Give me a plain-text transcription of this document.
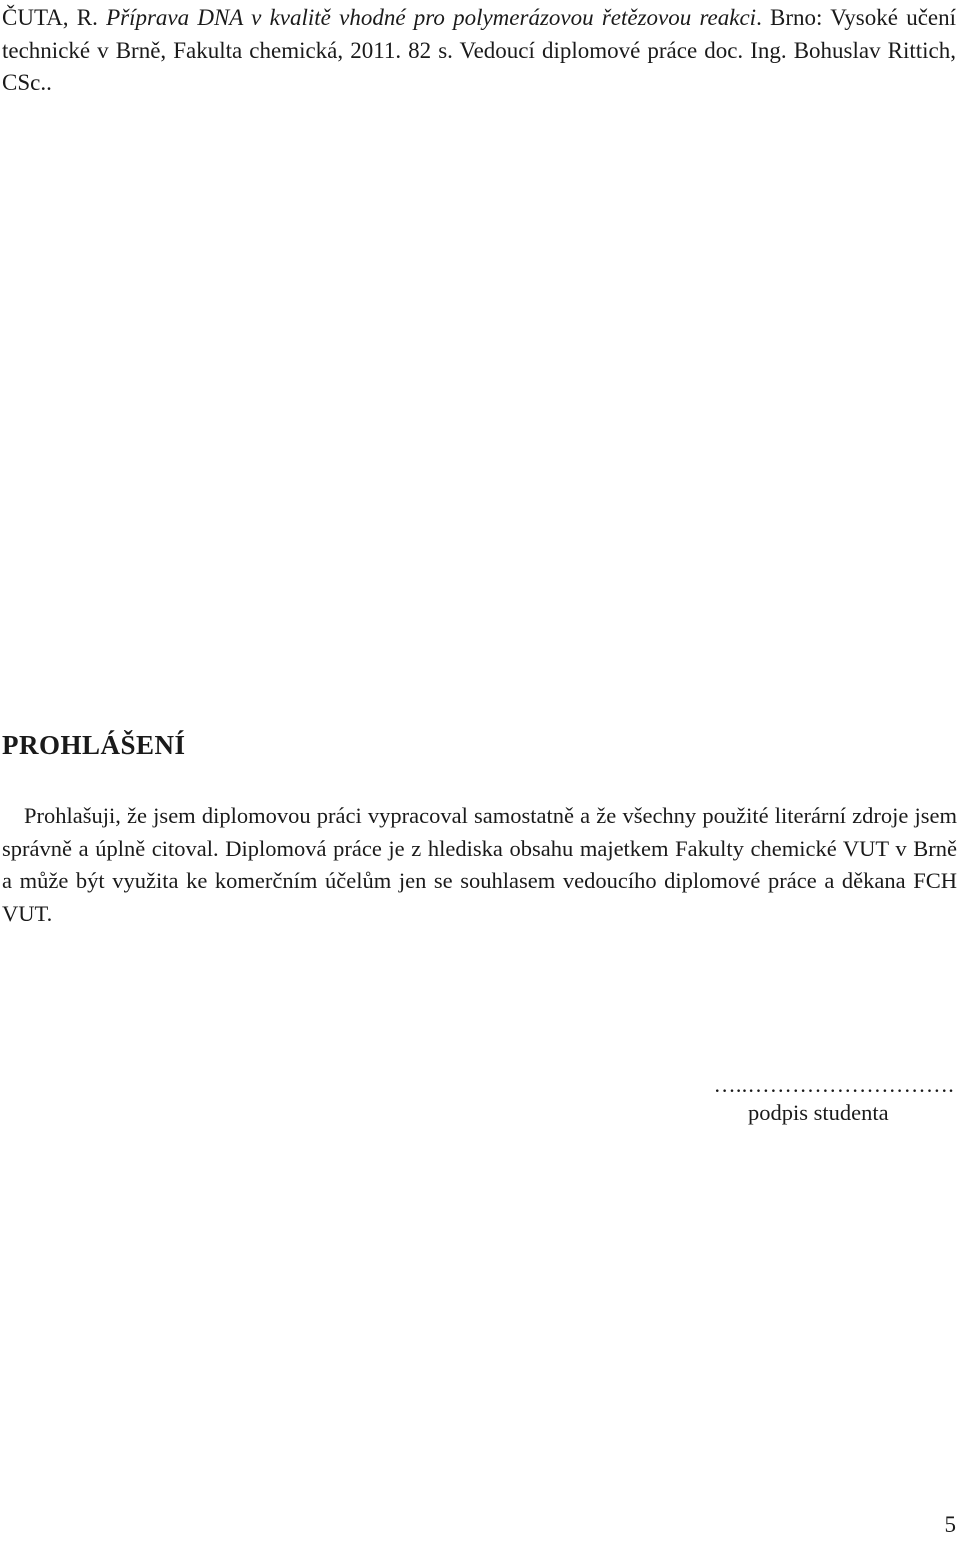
ČUTA, R. Příprava DNA v kvalitě vhodné pro polymerázovou řetězovou reakci. Brno: Vysoké učení technické v Brně, Fakulta chemická, 2011. 82 s. Vedoucí diplomové práce doc. Ing. Bohuslav Rittich, CSc..
PROHLÁŠENÍ

Prohlašuji, že jsem diplomovou práci vypracoval samostatně a že všechny použité literární zdroje jsem správně a úplně citoval. Diplomová práce je z hlediska obsahu majetkem Fakulty chemické VUT v Brně a může být využita ke komerčním účelům jen se souhlasem vedoucího diplomové práce a děkana FCH VUT.

…..……………………….
podpis studenta
5
